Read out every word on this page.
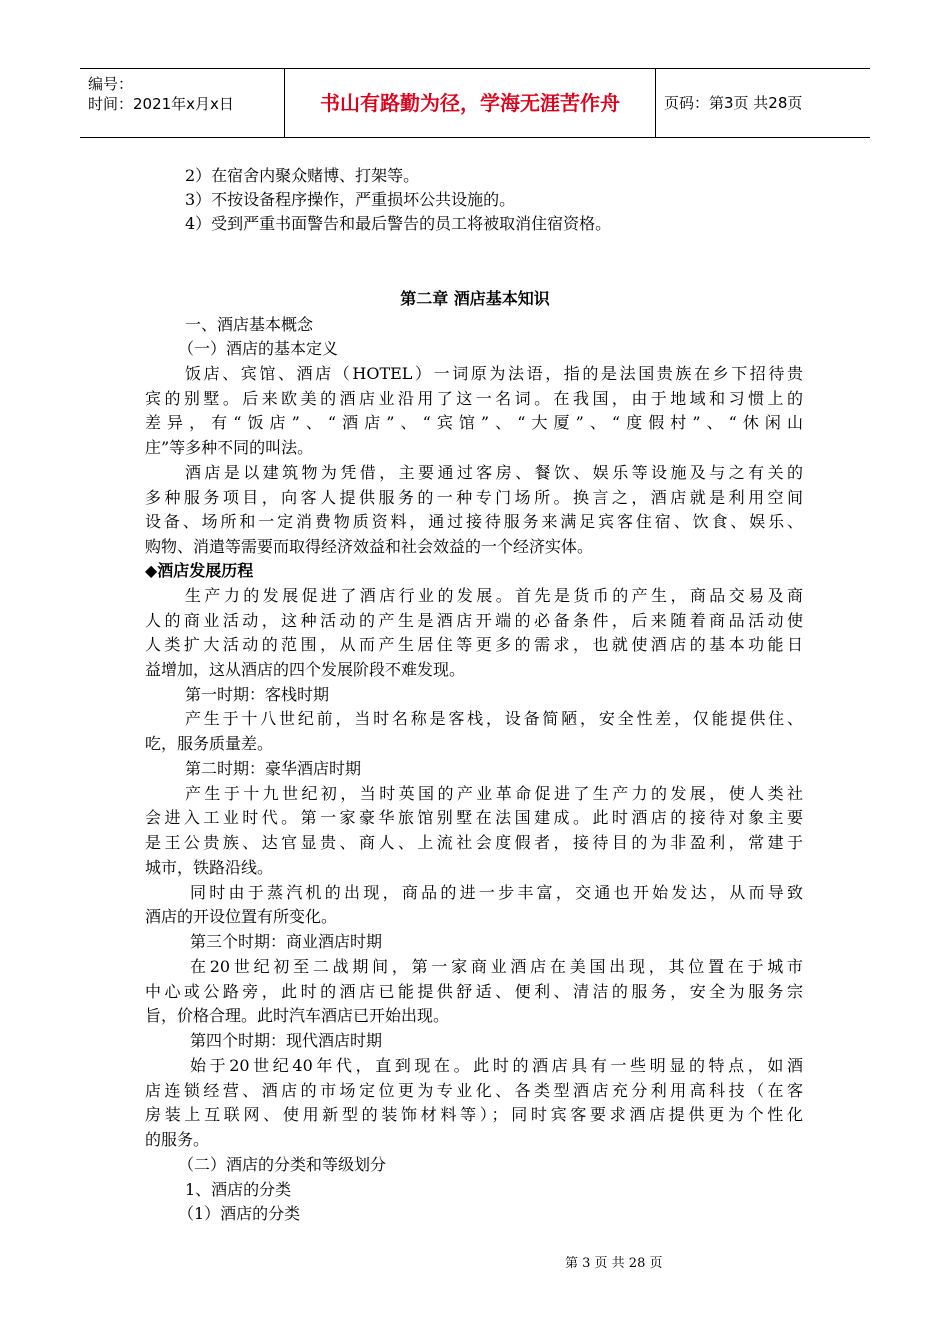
编号：
时间：2021年x月x日	书山有路勤为径，学海无涯苦作舟	页码：第3页 共28页
2）在宿舍内聚众赌博、打架等。
3）不按设备程序操作，严重损坏公共设施的。
4）受到严重书面警告和最后警告的员工将被取消住宿资格。
第二章 酒店基本知识
一、酒店基本概念
（一）酒店的基本定义
饭店、宾馆、酒店（HOTEL）一词原为法语，指的是法国贵族在乡下招待贵
宾的别墅。后来欧美的酒店业沿用了这一名词。在我国，由于地域和习惯上的
差异，有“饭店”、“酒店”、“宾馆”、“大厦”、“度假村”、“休闲山
庄”等多种不同的叫法。
酒店是以建筑物为凭借，主要通过客房、餐饮、娱乐等设施及与之有关的
多种服务项目，向客人提供服务的一种专门场所。换言之，酒店就是利用空间
设备、场所和一定消费物质资料，通过接待服务来满足宾客住宿、饮食、娱乐、
购物、消遣等需要而取得经济效益和社会效益的一个经济实体。
◆酒店发展历程
生产力的发展促进了酒店行业的发展。首先是货币的产生，商品交易及商
人的商业活动，这种活动的产生是酒店开端的必备条件，后来随着商品活动使
人类扩大活动的范围，从而产生居住等更多的需求，也就使酒店的基本功能日
益增加，这从酒店的四个发展阶段不难发现。
第一时期：客栈时期
产生于十八世纪前，当时名称是客栈，设备简陋，安全性差，仅能提供住、
吃，服务质量差。
第二时期：豪华酒店时期
产生于十九世纪初，当时英国的产业革命促进了生产力的发展，使人类社
会进入工业时代。第一家豪华旅馆别墅在法国建成。此时酒店的接待对象主要
是王公贵族、达官显贵、商人、上流社会度假者，接待目的为非盈利，常建于
城市，铁路沿线。
同时由于蒸汽机的出现，商品的进一步丰富，交通也开始发达，从而导致
酒店的开设位置有所变化。
第三个时期：商业酒店时期
在20世纪初至二战期间，第一家商业酒店在美国出现，其位置在于城市
中心或公路旁，此时的酒店已能提供舒适、便利、清洁的服务，安全为服务宗
旨，价格合理。此时汽车酒店已开始出现。
第四个时期：现代酒店时期
始于20世纪40年代，直到现在。此时的酒店具有一些明显的特点，如酒
店连锁经营、酒店的市场定位更为专业化、各类型酒店充分利用高科技（在客
房装上互联网、使用新型的装饰材料等）；同时宾客要求酒店提供更为个性化
的服务。
（二）酒店的分类和等级划分
1、酒店的分类
（1）酒店的分类
第 3 页 共 28 页
